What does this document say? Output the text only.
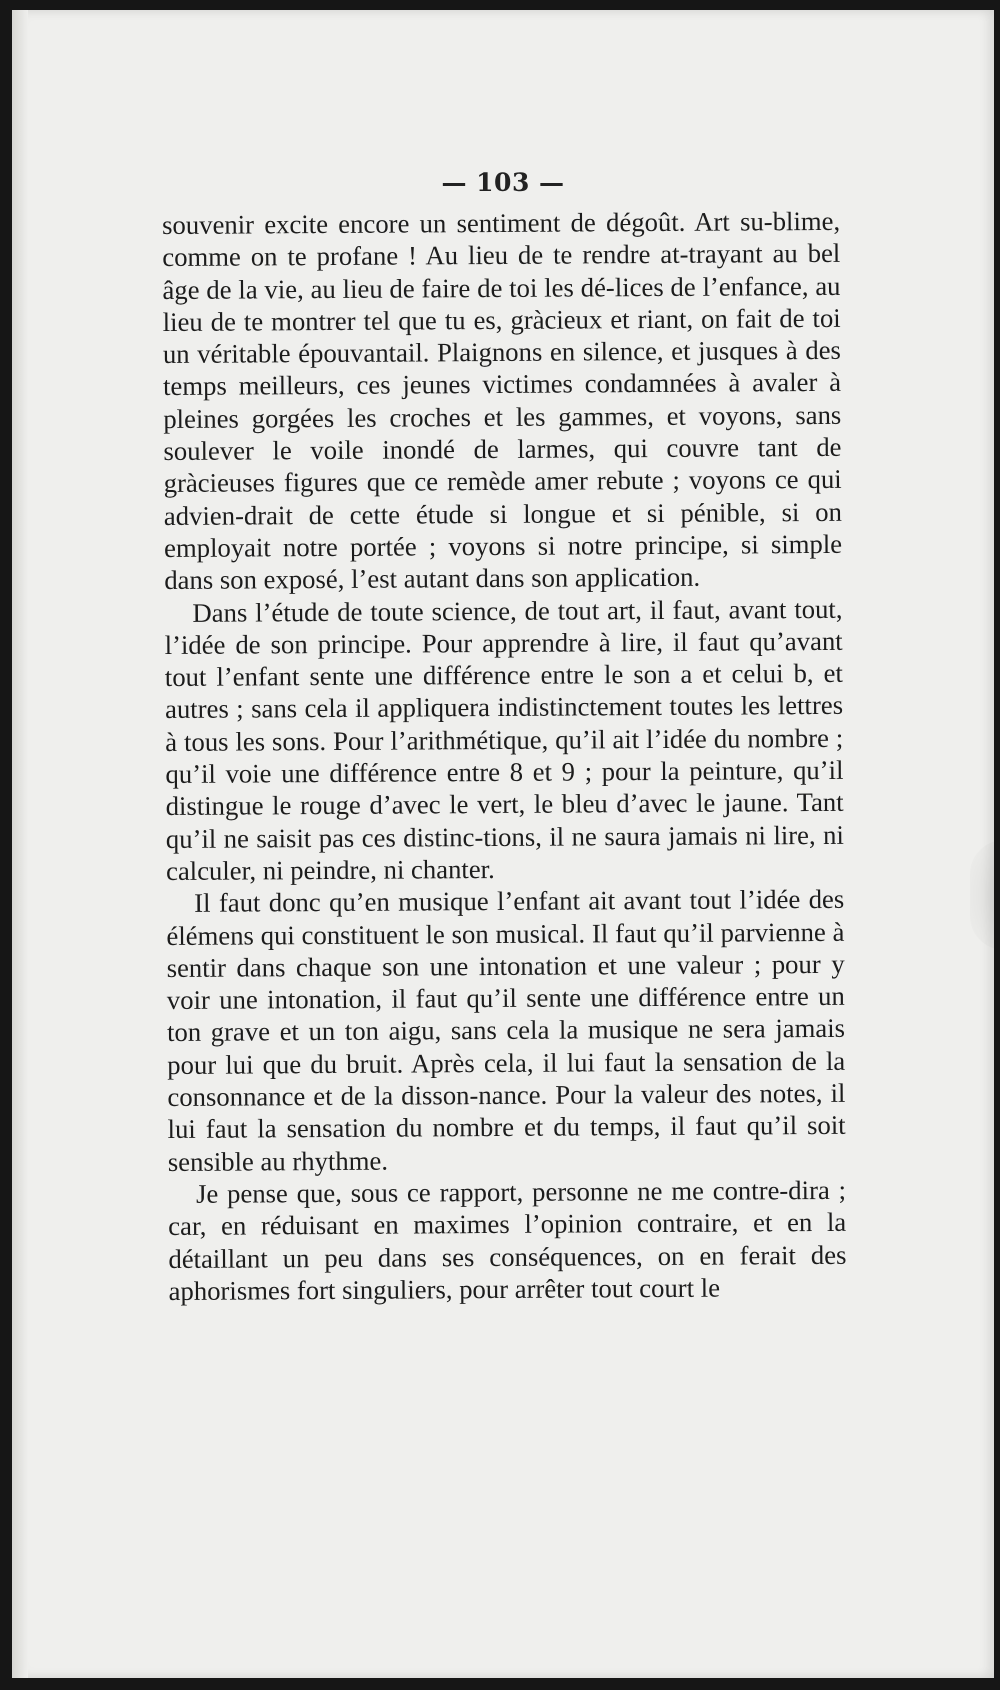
— 103 —

souvenir excite encore un sentiment de dégoût. Art su-blime, comme on te profane ! Au lieu de te rendre at-trayant au bel âge de la vie, au lieu de faire de toi les dé-lices de l’enfance, au lieu de te montrer tel que tu es, gràcieux et riant, on fait de toi un véritable épouvantail. Plaignons en silence, et jusques à des temps meilleurs, ces jeunes victimes condamnées à avaler à pleines gorgées les croches et les gammes, et voyons, sans soulever le voile inondé de larmes, qui couvre tant de gràcieuses figures que ce remède amer rebute ; voyons ce qui advien-drait de cette étude si longue et si pénible, si on employait notre portée ; voyons si notre principe, si simple dans son exposé, l’est autant dans son application.

Dans l’étude de toute science, de tout art, il faut, avant tout, l’idée de son principe. Pour apprendre à lire, il faut qu’avant tout l’enfant sente une différence entre le son a et celui b, et autres ; sans cela il appliquera indistinctement toutes les lettres à tous les sons. Pour l’arithmétique, qu’il ait l’idée du nombre ; qu’il voie une différence entre 8 et 9 ; pour la peinture, qu’il distingue le rouge d’avec le vert, le bleu d’avec le jaune. Tant qu’il ne saisit pas ces distinc-tions, il ne saura jamais ni lire, ni calculer, ni peindre, ni chanter.

Il faut donc qu’en musique l’enfant ait avant tout l’idée des élémens qui constituent le son musical. Il faut qu’il parvienne à sentir dans chaque son une intonation et une valeur ; pour y voir une intonation, il faut qu’il sente une différence entre un ton grave et un ton aigu, sans cela la musique ne sera jamais pour lui que du bruit. Après cela, il lui faut la sensation de la consonnance et de la disson-nance. Pour la valeur des notes, il lui faut la sensation du nombre et du temps, il faut qu’il soit sensible au rhythme.

Je pense que, sous ce rapport, personne ne me contre-dira ; car, en réduisant en maximes l’opinion contraire, et en la détaillant un peu dans ses conséquences, on en ferait des aphorismes fort singuliers, pour arrêter tout court le
